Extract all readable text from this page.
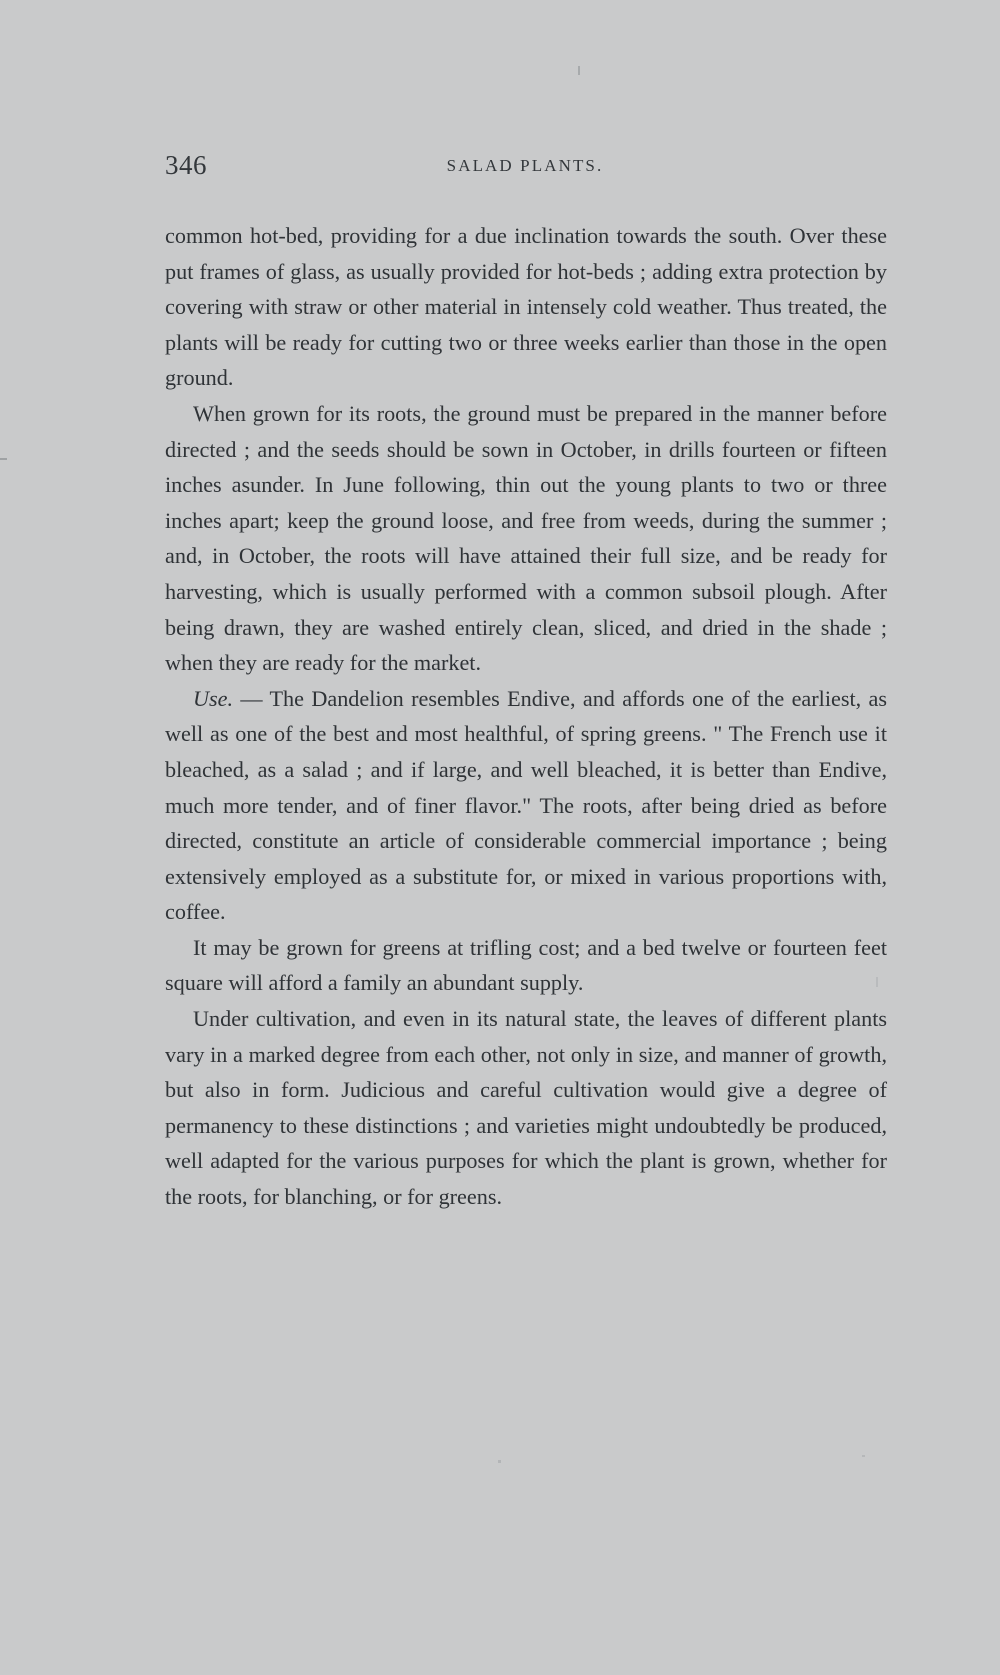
346	SALAD PLANTS.

common hot-bed, providing for a due inclination towards the south. Over these put frames of glass, as usually provided for hot-beds ; adding extra protection by covering with straw or other material in intensely cold weather. Thus treated, the plants will be ready for cutting two or three weeks earlier than those in the open ground.

When grown for its roots, the ground must be prepared in the manner before directed ; and the seeds should be sown in October, in drills fourteen or fifteen inches asunder. In June following, thin out the young plants to two or three inches apart; keep the ground loose, and free from weeds, during the summer ; and, in October, the roots will have attained their full size, and be ready for harvesting, which is usually performed with a common subsoil plough. After being drawn, they are washed entirely clean, sliced, and dried in the shade ; when they are ready for the market.

Use. — The Dandelion resembles Endive, and affords one of the earliest, as well as one of the best and most healthful, of spring greens. " The French use it bleached, as a salad ; and if large, and well bleached, it is better than Endive, much more tender, and of finer flavor." The roots, after being dried as before directed, constitute an article of considerable commercial importance ; being extensively employed as a substitute for, or mixed in various proportions with, coffee.

It may be grown for greens at trifling cost; and a bed twelve or fourteen feet square will afford a family an abundant supply.

Under cultivation, and even in its natural state, the leaves of different plants vary in a marked degree from each other, not only in size, and manner of growth, but also in form. Judicious and careful cultivation would give a degree of permanency to these distinctions ; and varieties might undoubtedly be produced, well adapted for the various purposes for which the plant is grown, whether for the roots, for blanching, or for greens.
